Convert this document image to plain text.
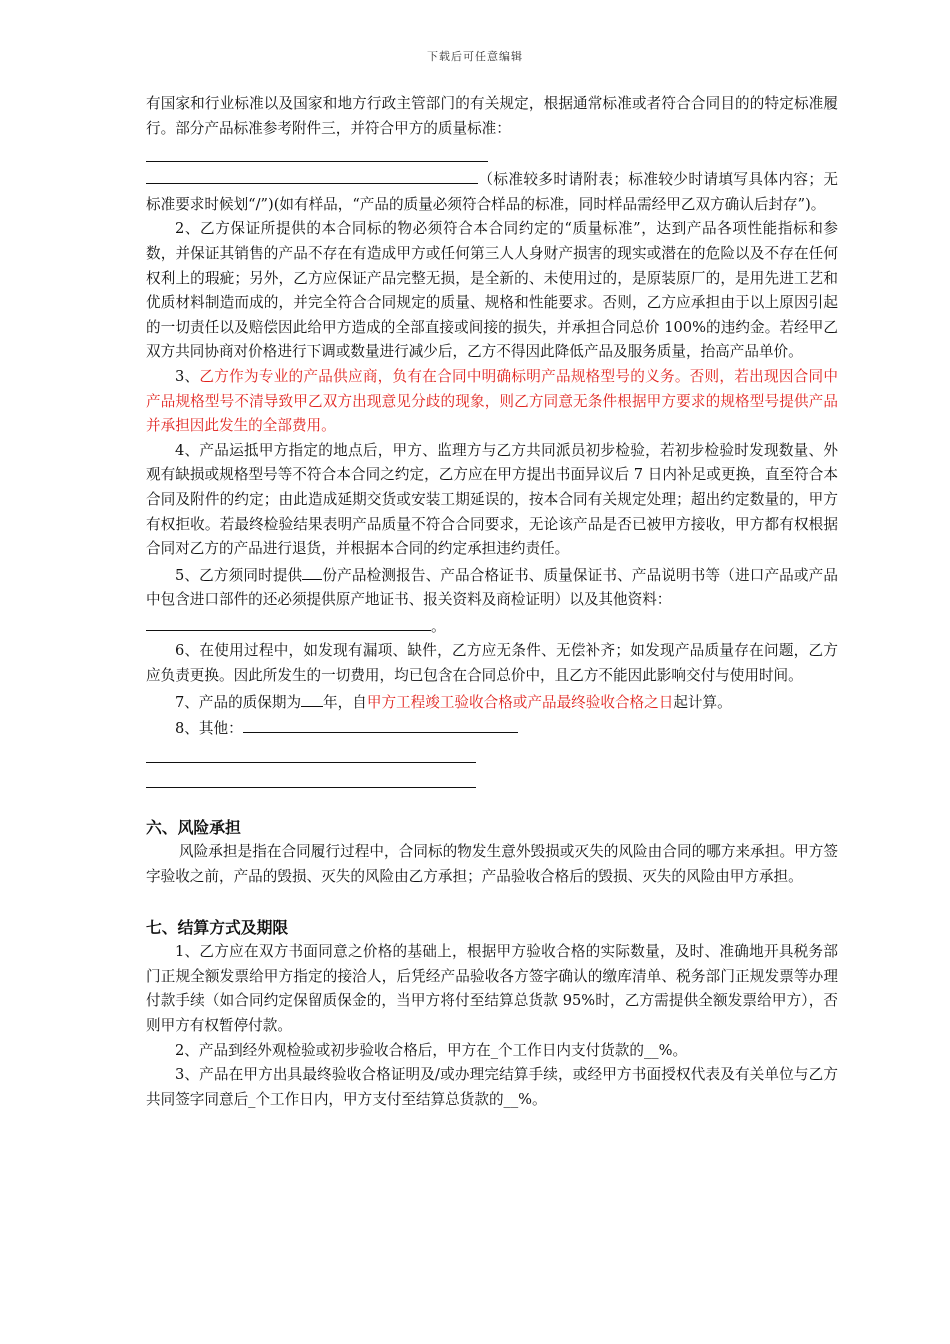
下载后可任意编辑

有国家和行业标准以及国家和地方行政主管部门的有关规定，根据通常标准或者符合合同目的的特定标准履行。部分产品标准参考附件三，并符合甲方的质量标准：

（标准较多时请附表；标准较少时请填写具体内容；无标准要求时候划“/”)(如有样品，“产品的质量必须符合样品的标准，同时样品需经甲乙双方确认后封存”)。

2、乙方保证所提供的本合同标的物必须符合本合同约定的“质量标准”，达到产品各项性能指标和参数，并保证其销售的产品不存在有造成甲方或任何第三人人身财产损害的现实或潜在的危险以及不存在任何权利上的瑕疵；另外，乙方应保证产品完整无损，是全新的、未使用过的，是原装原厂的，是用先进工艺和优质材料制造而成的，并完全符合合同规定的质量、规格和性能要求。否则，乙方应承担由于以上原因引起的一切责任以及赔偿因此给甲方造成的全部直接或间接的损失，并承担合同总价 100%的违约金。若经甲乙双方共同协商对价格进行下调或数量进行减少后，乙方不得因此降低产品及服务质量，抬高产品单价。

3、乙方作为专业的产品供应商，负有在合同中明确标明产品规格型号的义务。否则，若出现因合同中产品规格型号不清导致甲乙双方出现意见分歧的现象，则乙方同意无条件根据甲方要求的规格型号提供产品并承担因此发生的全部费用。

4、产品运抵甲方指定的地点后，甲方、监理方与乙方共同派员初步检验，若初步检验时发现数量、外观有缺损或规格型号等不符合本合同之约定，乙方应在甲方提出书面异议后 7 日内补足或更换，直至符合本合同及附件的约定；由此造成延期交货或安装工期延误的，按本合同有关规定处理；超出约定数量的，甲方有权拒收。若最终检验结果表明产品质量不符合合同要求，无论该产品是否已被甲方接收，甲方都有权根据合同对乙方的产品进行退货，并根据本合同的约定承担违约责任。

5、乙方须同时提供 份产品检测报告、产品合格证书、质量保证书、产品说明书等（进口产品或产品中包含进口部件的还必须提供原产地证书、报关资料及商检证明）以及其他资料：

。

6、在使用过程中，如发现有漏项、缺件，乙方应无条件、无偿补齐；如发现产品质量存在问题，乙方应负责更换。因此所发生的一切费用，均已包含在合同总价中，且乙方不能因此影响交付与使用时间。

7、产品的质保期为 年，自甲方工程竣工验收合格或产品最终验收合格之日起计算。

8、其他：

六、风险承担

风险承担是指在合同履行过程中，合同标的物发生意外毁损或灭失的风险由合同的哪方来承担。甲方签字验收之前，产品的毁损、灭失的风险由乙方承担；产品验收合格后的毁损、灭失的风险由甲方承担。

七、结算方式及期限

1、乙方应在双方书面同意之价格的基础上，根据甲方验收合格的实际数量，及时、准确地开具税务部门正规全额发票给甲方指定的接洽人，后凭经产品验收各方签字确认的缴库清单、税务部门正规发票等办理付款手续（如合同约定保留质保金的，当甲方将付至结算总货款 95%时，乙方需提供全额发票给甲方），否则甲方有权暂停付款。

2、产品到经外观检验或初步验收合格后，甲方在_个工作日内支付货款的__%。

3、产品在甲方出具最终验收合格证明及/或办理完结算手续，或经甲方书面授权代表及有关单位与乙方共同签字同意后_个工作日内，甲方支付至结算总货款的__%。
